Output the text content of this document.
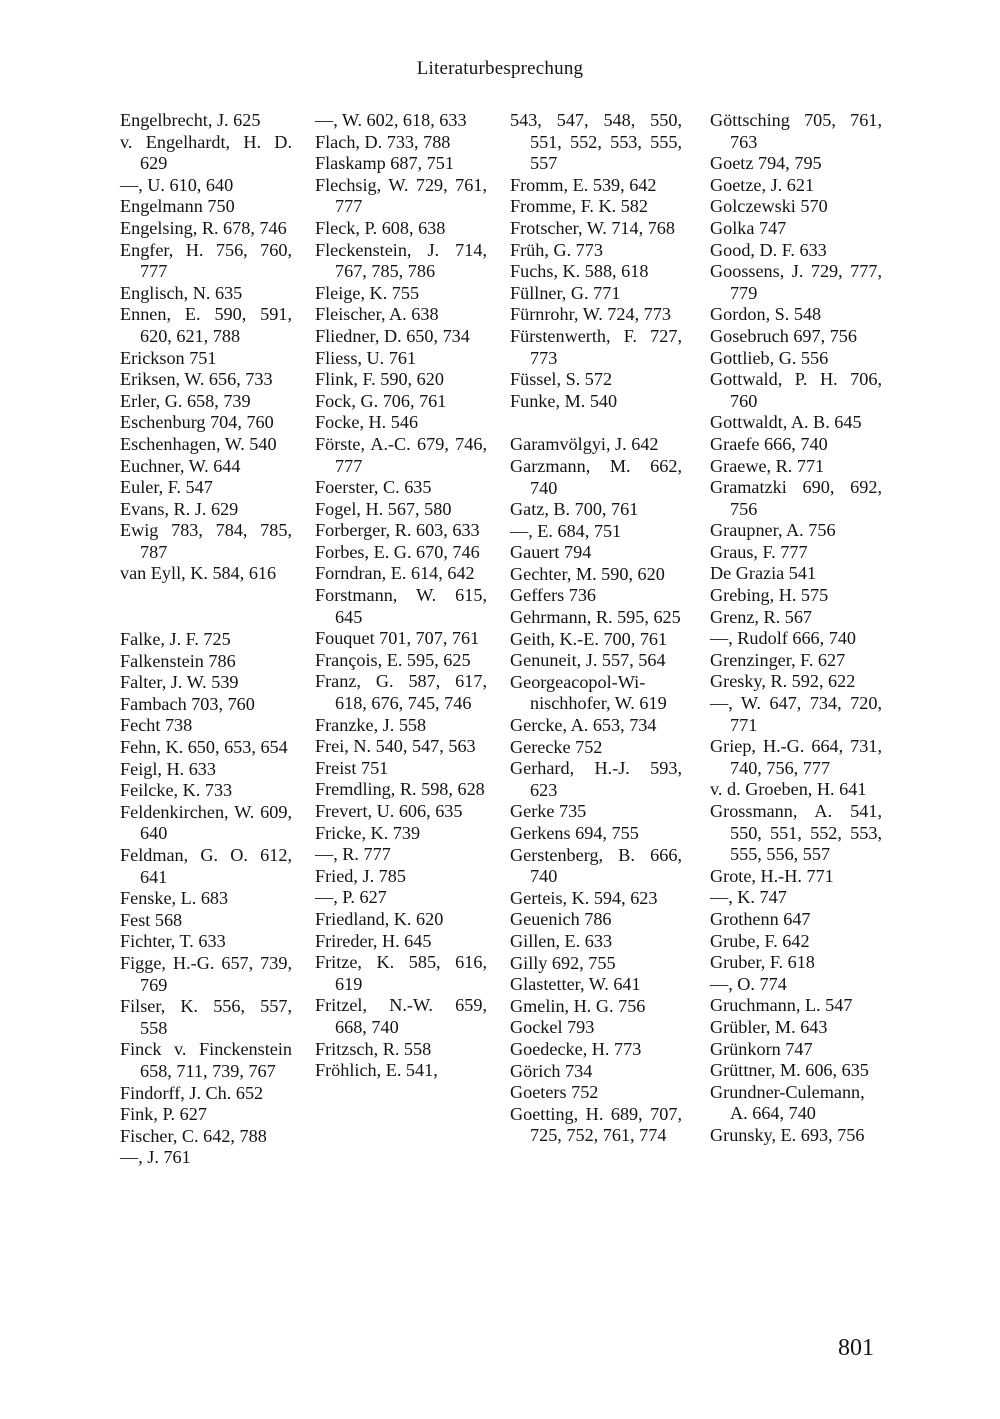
Literaturbesprechung

Engelbrecht, J. 625

v. Engelhardt, H. D. 629

—, U. 610, 640

Engelmann 750

Engelsing, R. 678, 746

Engfer, H. 756, 760, 777

Englisch, N. 635

Ennen, E. 590, 591, 620, 621, 788

Erickson 751

Eriksen, W. 656, 733

Erler, G. 658, 739

Eschenburg 704, 760

Eschenhagen, W. 540

Euchner, W. 644

Euler, F. 547

Evans, R. J. 629

Ewig 783, 784, 785, 787

van Eyll, K. 584, 616

Falke, J. F. 725

Falkenstein 786

Falter, J. W. 539

Fambach 703, 760

Fecht 738

Fehn, K. 650, 653, 654

Feigl, H. 633

Feilcke, K. 733

Feldenkirchen, W. 609, 640

Feldman, G. O. 612, 641

Fenske, L. 683

Fest 568

Fichter, T. 633

Figge, H.-G. 657, 739, 769

Filser, K. 556, 557, 558

Finck v. Finckenstein 658, 711, 739, 767

Findorff, J. Ch. 652

Fink, P. 627

Fischer, C. 642, 788

—, J. 761

—, W. 602, 618, 633

Flach, D. 733, 788

Flaskamp 687, 751

Flechsig, W. 729, 761, 777

Fleck, P. 608, 638

Fleckenstein, J. 714, 767, 785, 786

Fleige, K. 755

Fleischer, A. 638

Fliedner, D. 650, 734

Fliess, U. 761

Flink, F. 590, 620

Fock, G. 706, 761

Focke, H. 546

Förste, A.-C. 679, 746, 777

Foerster, C. 635

Fogel, H. 567, 580

Forberger, R. 603, 633

Forbes, E. G. 670, 746

Forndran, E. 614, 642

Forstmann, W. 615, 645

Fouquet 701, 707, 761

François, E. 595, 625

Franz, G. 587, 617, 618, 676, 745, 746

Franzke, J. 558

Frei, N. 540, 547, 563

Freist 751

Fremdling, R. 598, 628

Frevert, U. 606, 635

Fricke, K. 739

—, R. 777

Fried, J. 785

—, P. 627

Friedland, K. 620

Frireder, H. 645

Fritze, K. 585, 616, 619

Fritzel, N.-W. 659, 668, 740

Fritzsch, R. 558

Fröhlich, E. 541,

543, 547, 548, 550, 551, 552, 553, 555, 557

Fromm, E. 539, 642

Fromme, F. K. 582

Frotscher, W. 714, 768

Früh, G. 773

Fuchs, K. 588, 618

Füllner, G. 771

Fürnrohr, W. 724, 773

Fürstenwerth, F. 727, 773

Füssel, S. 572

Funke, M. 540

Garamvölgyi, J. 642

Garzmann, M. 662, 740

Gatz, B. 700, 761

—, E. 684, 751

Gauert 794

Gechter, M. 590, 620

Geffers 736

Gehrmann, R. 595, 625

Geith, K.-E. 700, 761

Genuneit, J. 557, 564

Georgeacopol-Winischhofer, W. 619

Gercke, A. 653, 734

Gerecke 752

Gerhard, H.-J. 593, 623

Gerke 735

Gerkens 694, 755

Gerstenberg, B. 666, 740

Gerteis, K. 594, 623

Geuenich 786

Gillen, E. 633

Gilly 692, 755

Glastetter, W. 641

Gmelin, H. G. 756

Gockel 793

Goedecke, H. 773

Görich 734

Goeters 752

Goetting, H. 689, 707, 725, 752, 761, 774

Göttsching 705, 761, 763

Goetz 794, 795

Goetze, J. 621

Golczewski 570

Golka 747

Good, D. F. 633

Goossens, J. 729, 777, 779

Gordon, S. 548

Gosebruch 697, 756

Gottlieb, G. 556

Gottwald, P. H. 706, 760

Gottwaldt, A. B. 645

Graefe 666, 740

Graewe, R. 771

Gramatzki 690, 692, 756

Graupner, A. 756

Graus, F. 777

De Grazia 541

Grebing, H. 575

Grenz, R. 567

—, Rudolf 666, 740

Grenzinger, F. 627

Gresky, R. 592, 622

—, W. 647, 734, 720, 771

Griep, H.-G. 664, 731, 740, 756, 777

v. d. Groeben, H. 641

Grossmann, A. 541, 550, 551, 552, 553, 555, 556, 557

Grote, H.-H. 771

—, K. 747

Grothenn 647

Grube, F. 642

Gruber, F. 618

—, O. 774

Gruchmann, L. 547

Grübler, M. 643

Grünkorn 747

Grüttner, M. 606, 635

Grundner-Culemann, A. 664, 740

Grunsky, E. 693, 756

801
